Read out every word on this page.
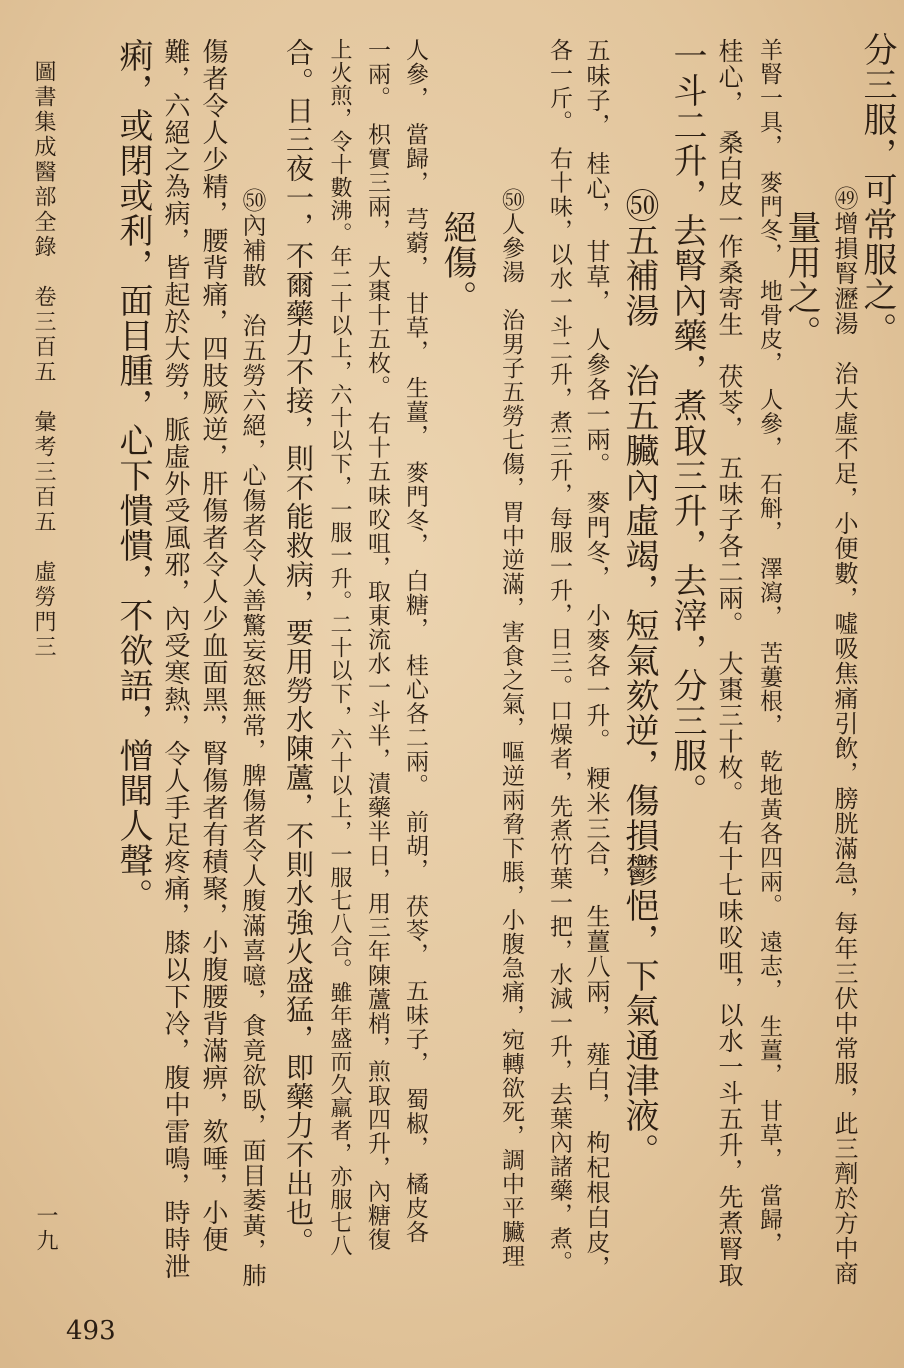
分三服，可常服之。
㊾增損腎瀝湯　治大虛不足，小便數，噓吸焦痛引飲，膀胱滿急，每年三伏中常服，此三劑於方中商
量用之。
羊腎一具，　麥門冬，　地骨皮，　人參，　石斛，　澤瀉，　苦蔞根，　乾地黃各四兩。　遠志，　生薑，　甘草，　當歸，
桂心，　桑白皮一作桑寄生　茯苓，　五味子各二兩。　大棗三十枚。　右十七味㕮咀，以水一斗五升，先煮腎取
一斗二升，去腎內藥，煮取三升，去滓，分三服。
㊿五補湯　治五臟內虛竭，短氣欬逆，傷損鬱悒，下氣通津液。
五味子，　桂心，　甘草，　人參各一兩。　麥門冬，　小麥各一升。　粳米三合，　生薑八兩，　薤白，　枸杞根白皮，
各一斤。　右十味，以水一斗二升，煮三升，每服一升，日三。口燥者，先煮竹葉一把，水減一升，去葉內諸藥，煮。
㊿人參湯　治男子五勞七傷，胃中逆滿，害食之氣，嘔逆兩脅下脹，小腹急痛，宛轉欲死，調中平臟理
絕傷。
人參，　當歸，　芎藭，　甘草，　生薑，　麥門冬，　白糖，　桂心各二兩。　前胡，　茯苓，　五味子，　蜀椒，　橘皮各
一兩。　枳實三兩，　大棗十五枚。　右十五味㕮咀，取東流水一斗半，漬藥半日，用三年陳蘆梢，煎取四升，內糖復
上火煎，令十數沸。年二十以上，六十以下，一服一升。二十以下，六十以上，一服七八合。雖年盛而久羸者，亦服七八
合。日三夜一，不爾藥力不接，則不能救病，要用勞水陳蘆，不則水強火盛猛，即藥力不出也。
㊿內補散　治五勞六絕，心傷者令人善驚妄怒無常，脾傷者令人腹滿喜噫，食竟欲臥，面目萎黃，肺
傷者令人少精，腰背痛，四肢厥逆，肝傷者令人少血面黑，腎傷者有積聚，小腹腰背滿痹，欬唾，小便
難，六絕之為病，皆起於大勞，脈虛外受風邪，內受寒熱，令人手足疼痛，膝以下冷，腹中雷鳴，時時泄
痢，或閉或利，面目腫，心下憒憒，不欲語，憎聞人聲。
圖書集成醫部全錄　卷三百五　彙考三百五　虛勞門三
一九
493
